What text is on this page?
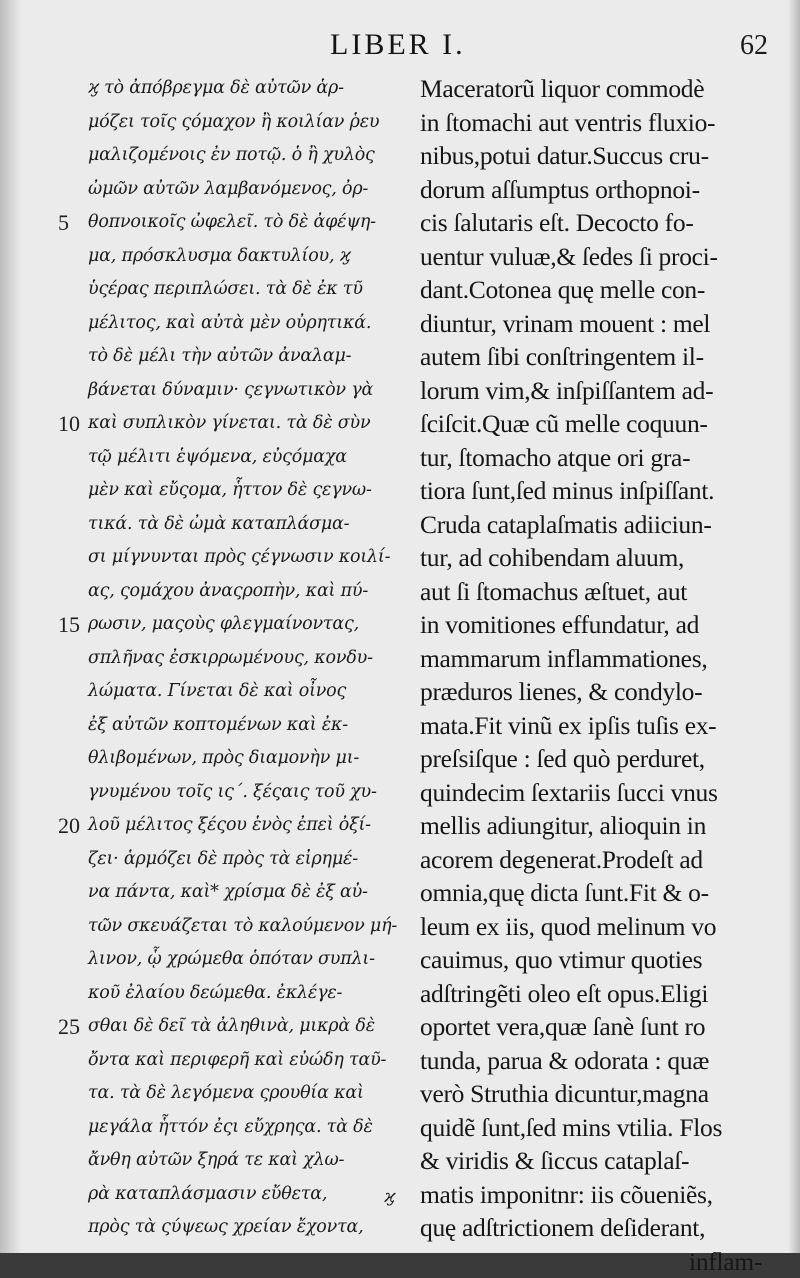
LIBER I.	62
ϗ τὸ ἀπόβρεγμα δὲ αὐτῶν ἁρ-
μόζει τοῖς ςόμαχον ἢ κοιλίαν ῥευ
μαλιζομένοις ἐν ποτῷ. ὁ ἢ χυλὸς
ὠμῶν αὐτῶν λαμβανόμενος, ὀρ-
θοπνοικοῖς ὠφελεῖ. τὸ δὲ ἀφέψη-
μα, πρόσκλυσμα δακτυλίου, ϗ
ὑςέρας περιπλώσει. τὰ δὲ ἐκ τῦ
μέλιτος, καὶ αὐτὰ μὲν οὐρητικά.
τὸ δὲ μέλι τὴν αὐτῶν ἀναλαμ-
βάνεται δύναμιν· ςεγνωτικὸν γὰ
καὶ συπλικὸν γίνεται. τὰ δὲ σὺν
τῷ μέλιτι ἑψόμενα, εὐςόμαχα
μὲν καὶ εὔςομα, ἧττον δὲ ςεγνω-
τικά. τὰ δὲ ὠμὰ καταπλάσμα-
σι μίγνυνται πρὸς ςέγνωσιν κοιλί-
ας, ςομάχου ἀναςροπὴν, καὶ πύ-
ρωσιν, μαςοὺς φλεγμαίνοντας,
σπλῆνας ἐσκιρρωμένους, κονδυ-
λώματα. Γίνεται δὲ καὶ οἶνος
ἐξ αὐτῶν κοπτομένων καὶ ἐκ-
θλιβομένων, πρὸς διαμονὴν μι-
γνυμένου τοῖς ις΄. ξέςαις τοῦ χυ-
λοῦ μέλιτος ξέςου ἑνὸς ἐπεὶ ὀξί-
ζει· ἁρμόζει δὲ πρὸς τὰ εἰρημέ-
να πάντα, καὶ* χρίσμα δὲ ἐξ αὐ-
τῶν σκευάζεται τὸ καλούμενον μή-
λινον, ᾧ χρώμεθα ὁπόταν συπλι-
κοῦ ἐλαίου δεώμεθα. ἐκλέγε-
σθαι δὲ δεῖ τὰ ἀληθινὰ, μικρὰ δὲ
ὄντα καὶ περιφερῆ καὶ εὐώδη ταῦ-
τα. τὰ δὲ λεγόμενα ςρουθία καὶ
μεγάλα ἧττόν ἐςι εὔχρηςα. τὰ δὲ
ἄνθη αὐτῶν ξηρά τε καὶ χλω-
ρὰ καταπλάσμασιν εὔθετα,
πρὸς τὰ ςύψεως χρείαν ἔχοντα,
5
10
15
20
25
Maceratorũ liquor commodè
in ſtomachi aut ventris fluxio-
nibus,potui datur.Succus cru-
dorum aſſumptus orthopnoi-
cis ſalutaris eſt. Decoctо fo-
uentur vuluæ,& ſedes ſi proci-
dant.Cotonea quę melle con-
diuntur, vrinam mouent : mel
autem ſibi conſtringentem il-
lorum vim,& inſpiſſantem ad-
ſciſcit.Quæ cũ melle coquun-
tur, ſtomacho atque ori gra-
tiora ſunt,ſed minus inſpiſſant.
Cruda cataplaſmatis adiiciun-
tur, ad cohibendam aluum,
aut ſi ſtomachus æſtuet, aut
in vomitiones effundatur, ad
mammarum inflammationes,
præduros lienes, & condylo-
mata.Fit vinũ ex ipſis tuſis ex-
preſsiſque : ſed quò perduret,
quindecim ſextariis ſucci vnus
mellis adiungitur, alioquin in
acorem degenerat.Prodeſt ad
omnia,quę dicta ſunt.Fit & o-
leum ex iis, quod melinum vo
cauimus, quo vtimur quoties
adſtringẽti oleo eſt opus.Eligi
oportet vera,quæ ſanè ſunt ro
tunda, parua & odorata : quæ
verò Struthia dicuntur,magna
quidẽ ſunt,ſed mins vtilia. Flos
& viridis & ſiccus cataplaſ-
matis imponitnr: iis cõueniẽs,
quę adſtrictionem deſiderant,
inflam-
ϗ
